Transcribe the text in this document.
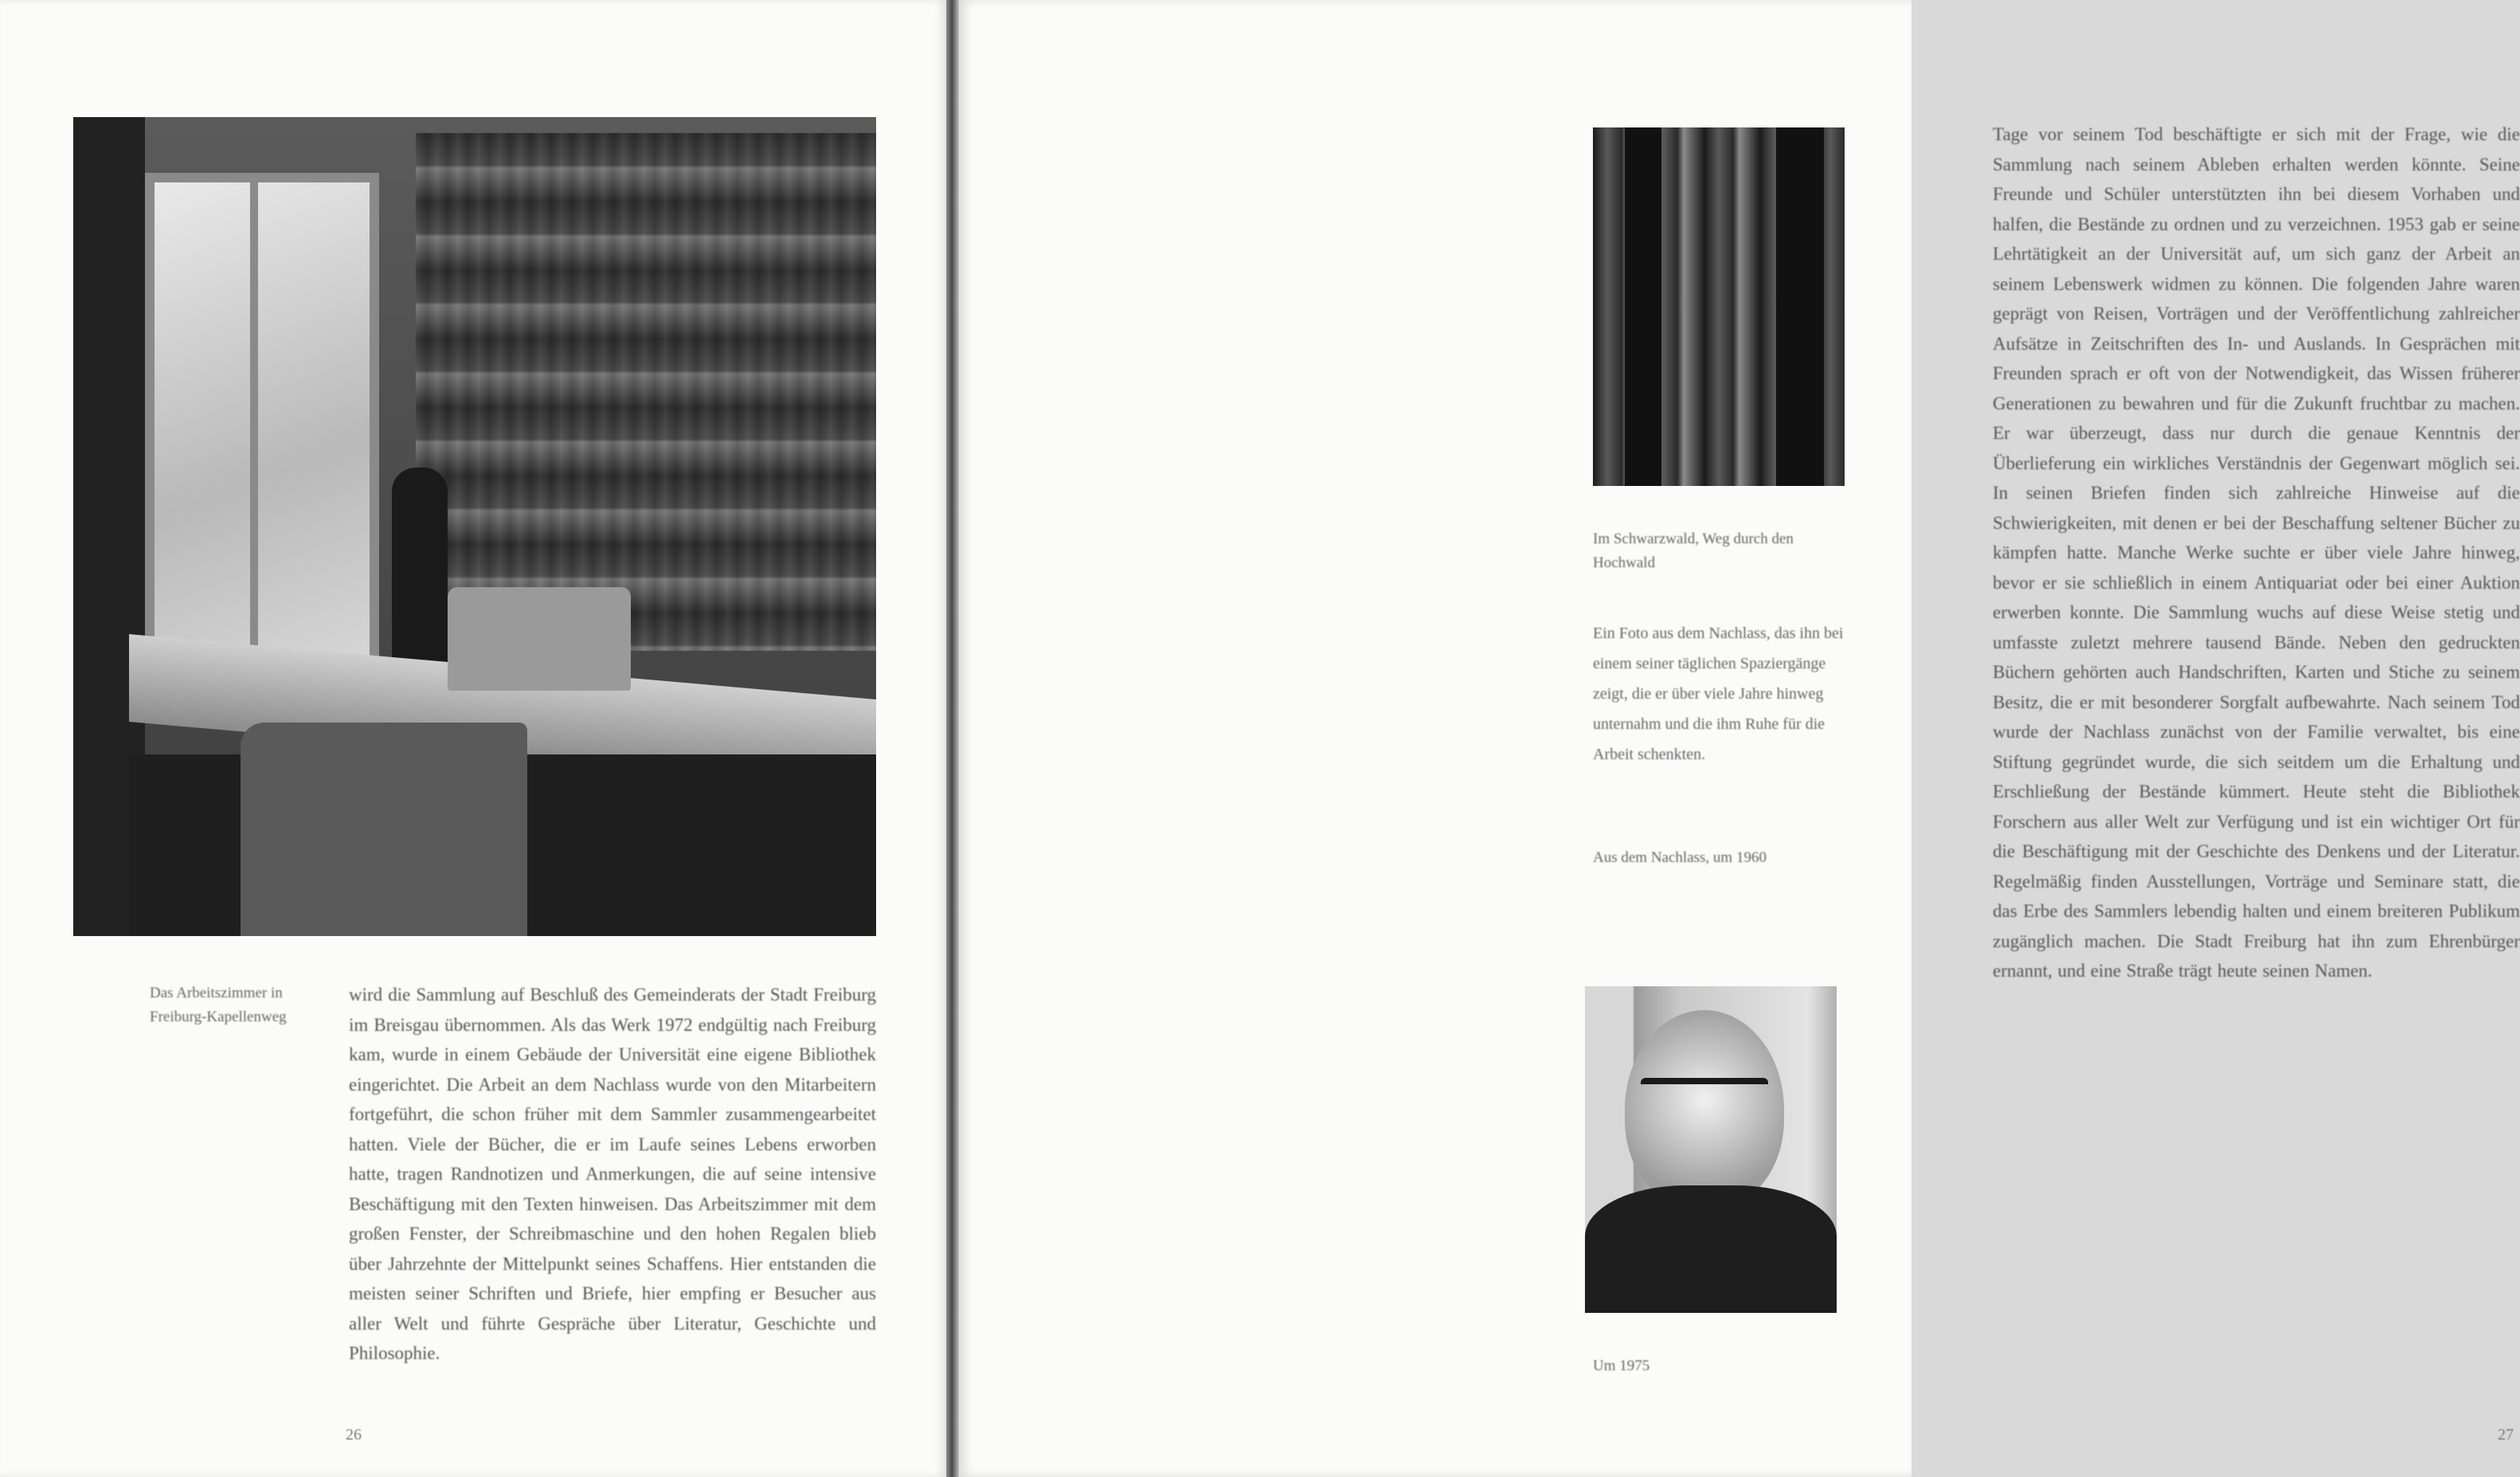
Das Arbeitszimmer in Freiburg-Kapellenweg

wird die Sammlung auf Beschluß des Gemeinderats der Stadt Freiburg im Breisgau übernommen. Als das Werk 1972 endgültig nach Freiburg kam, wurde in einem Gebäude der Universität eine eigene Bibliothek eingerichtet. Die Arbeit an dem Nachlass wurde von den Mitarbeitern fortgeführt, die schon früher mit dem Sammler zusammengearbeitet hatten. Viele der Bücher, die er im Laufe seines Lebens erworben hatte, tragen Randnotizen und Anmerkungen, die auf seine intensive Beschäftigung mit den Texten hinweisen. Das Arbeitszimmer mit dem großen Fenster, der Schreibmaschine und den hohen Regalen blieb über Jahrzehnte der Mittelpunkt seines Schaffens. Hier entstanden die meisten seiner Schriften und Briefe, hier empfing er Besucher aus aller Welt und führte Gespräche über Literatur, Geschichte und Philosophie.

26

Tage vor seinem Tod beschäftigte er sich mit der Frage, wie die Sammlung nach seinem Ableben erhalten werden könnte. Seine Freunde und Schüler unterstützten ihn bei diesem Vorhaben und halfen, die Bestände zu ordnen und zu verzeichnen. 1953 gab er seine Lehrtätigkeit an der Universität auf, um sich ganz der Arbeit an seinem Lebenswerk widmen zu können. Die folgenden Jahre waren geprägt von Reisen, Vorträgen und der Veröffentlichung zahlreicher Aufsätze in Zeitschriften des In- und Auslands. In Gesprächen mit Freunden sprach er oft von der Notwendigkeit, das Wissen früherer Generationen zu bewahren und für die Zukunft fruchtbar zu machen. Er war überzeugt, dass nur durch die genaue Kenntnis der Überlieferung ein wirkliches Verständnis der Gegenwart möglich sei. In seinen Briefen finden sich zahlreiche Hinweise auf die Schwierigkeiten, mit denen er bei der Beschaffung seltener Bücher zu kämpfen hatte. Manche Werke suchte er über viele Jahre hinweg, bevor er sie schließlich in einem Antiquariat oder bei einer Auktion erwerben konnte. Die Sammlung wuchs auf diese Weise stetig und umfasste zuletzt mehrere tausend Bände. Neben den gedruckten Büchern gehörten auch Handschriften, Karten und Stiche zu seinem Besitz, die er mit besonderer Sorgfalt aufbewahrte. Nach seinem Tod wurde der Nachlass zunächst von der Familie verwaltet, bis eine Stiftung gegründet wurde, die sich seitdem um die Erhaltung und Erschließung der Bestände kümmert. Heute steht die Bibliothek Forschern aus aller Welt zur Verfügung und ist ein wichtiger Ort für die Beschäftigung mit der Geschichte des Denkens und der Literatur. Regelmäßig finden Ausstellungen, Vorträge und Seminare statt, die das Erbe des Sammlers lebendig halten und einem breiteren Publikum zugänglich machen. Die Stadt Freiburg hat ihn zum Ehrenbürger ernannt, und eine Straße trägt heute seinen Namen.

27

Im Schwarzwald, Weg durch den Hochwald

Ein Foto aus dem Nachlass, das ihn bei einem seiner täglichen Spaziergänge zeigt, die er über viele Jahre hinweg unternahm und die ihm Ruhe für die Arbeit schenkten.

Aus dem Nachlass, um 1960

Um 1975
